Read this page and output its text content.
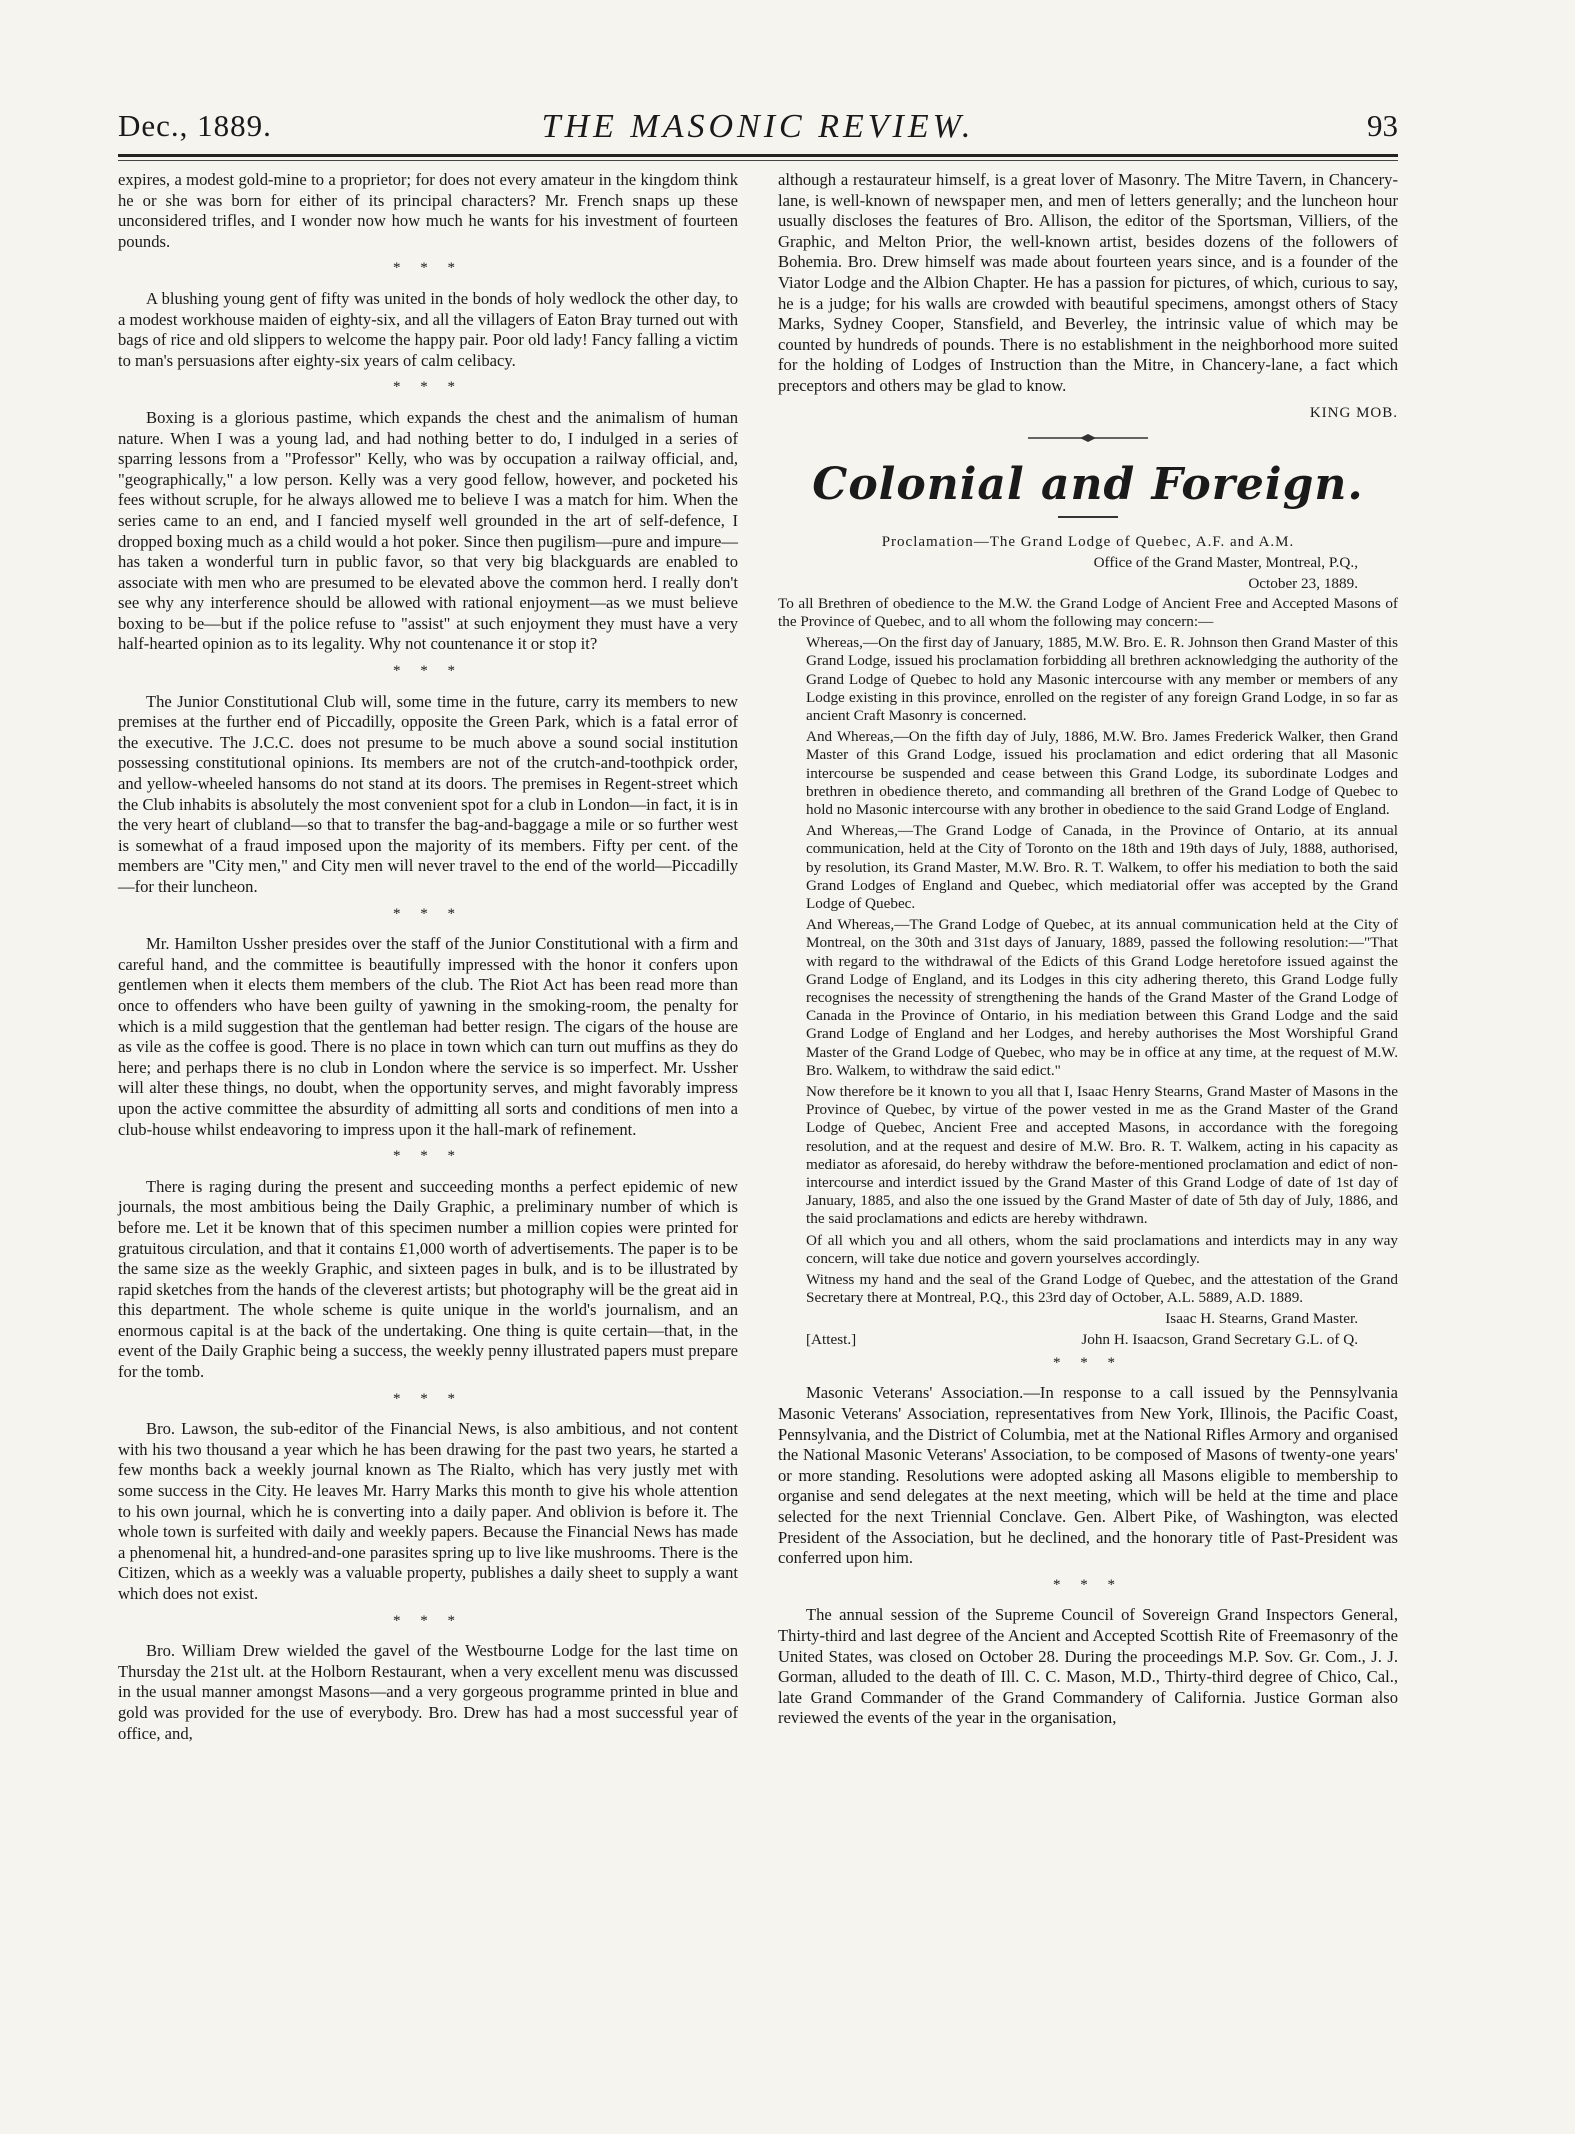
Dec., 1889.	THE MASONIC REVIEW.	93

expires, a modest gold-mine to a proprietor; for does not every amateur in the kingdom think he or she was born for either of its principal characters? Mr. French snaps up these unconsidered trifles, and I wonder now how much he wants for his investment of fourteen pounds.

* * *

A blushing young gent of fifty was united in the bonds of holy wedlock the other day, to a modest workhouse maiden of eighty-six, and all the villagers of Eaton Bray turned out with bags of rice and old slippers to welcome the happy pair. Poor old lady! Fancy falling a victim to man's persuasions after eighty-six years of calm celibacy.

* * *

Boxing is a glorious pastime, which expands the chest and the animalism of human nature. When I was a young lad, and had nothing better to do, I indulged in a series of sparring lessons from a "Professor" Kelly, who was by occupation a railway official, and, "geographically," a low person. Kelly was a very good fellow, however, and pocketed his fees without scruple, for he always allowed me to believe I was a match for him. When the series came to an end, and I fancied myself well grounded in the art of self-defence, I dropped boxing much as a child would a hot poker. Since then pugilism—pure and impure—has taken a wonderful turn in public favor, so that very big blackguards are enabled to associate with men who are presumed to be elevated above the common herd. I really don't see why any interference should be allowed with rational enjoyment—as we must believe boxing to be—but if the police refuse to "assist" at such enjoyment they must have a very half-hearted opinion as to its legality. Why not countenance it or stop it?

* * *

The Junior Constitutional Club will, some time in the future, carry its members to new premises at the further end of Piccadilly, opposite the Green Park, which is a fatal error of the executive. The J.C.C. does not presume to be much above a sound social institution possessing constitutional opinions. Its members are not of the crutch-and-toothpick order, and yellow-wheeled hansoms do not stand at its doors. The premises in Regent-street which the Club inhabits is absolutely the most convenient spot for a club in London—in fact, it is in the very heart of clubland—so that to transfer the bag-and-baggage a mile or so further west is somewhat of a fraud imposed upon the majority of its members. Fifty per cent. of the members are "City men," and City men will never travel to the end of the world—Piccadilly—for their luncheon.

* * *

Mr. Hamilton Ussher presides over the staff of the Junior Constitutional with a firm and careful hand, and the committee is beautifully impressed with the honor it confers upon gentlemen when it elects them members of the club. The Riot Act has been read more than once to offenders who have been guilty of yawning in the smoking-room, the penalty for which is a mild suggestion that the gentleman had better resign. The cigars of the house are as vile as the coffee is good. There is no place in town which can turn out muffins as they do here; and perhaps there is no club in London where the service is so imperfect. Mr. Ussher will alter these things, no doubt, when the opportunity serves, and might favorably impress upon the active committee the absurdity of admitting all sorts and conditions of men into a club-house whilst endeavoring to impress upon it the hall-mark of refinement.

* * *

There is raging during the present and succeeding months a perfect epidemic of new journals, the most ambitious being the Daily Graphic, a preliminary number of which is before me. Let it be known that of this specimen number a million copies were printed for gratuitous circulation, and that it contains £1,000 worth of advertisements. The paper is to be the same size as the weekly Graphic, and sixteen pages in bulk, and is to be illustrated by rapid sketches from the hands of the cleverest artists; but photography will be the great aid in this department. The whole scheme is quite unique in the world's journalism, and an enormous capital is at the back of the undertaking. One thing is quite certain—that, in the event of the Daily Graphic being a success, the weekly penny illustrated papers must prepare for the tomb.

* * *

Bro. Lawson, the sub-editor of the Financial News, is also ambitious, and not content with his two thousand a year which he has been drawing for the past two years, he started a few months back a weekly journal known as The Rialto, which has very justly met with some success in the City. He leaves Mr. Harry Marks this month to give his whole attention to his own journal, which he is converting into a daily paper. And oblivion is before it. The whole town is surfeited with daily and weekly papers. Because the Financial News has made a phenomenal hit, a hundred-and-one parasites spring up to live like mushrooms. There is the Citizen, which as a weekly was a valuable property, publishes a daily sheet to supply a want which does not exist.

* * *

Bro. William Drew wielded the gavel of the Westbourne Lodge for the last time on Thursday the 21st ult. at the Holborn Restaurant, when a very excellent menu was discussed in the usual manner amongst Masons—and a very gorgeous programme printed in blue and gold was provided for the use of everybody. Bro. Drew has had a most successful year of office, and,

although a restaurateur himself, is a great lover of Masonry. The Mitre Tavern, in Chancery-lane, is well-known of newspaper men, and men of letters generally; and the luncheon hour usually discloses the features of Bro. Allison, the editor of the Sportsman, Villiers, of the Graphic, and Melton Prior, the well-known artist, besides dozens of the followers of Bohemia. Bro. Drew himself was made about fourteen years since, and is a founder of the Viator Lodge and the Albion Chapter. He has a passion for pictures, of which, curious to say, he is a judge; for his walls are crowded with beautiful specimens, amongst others of Stacy Marks, Sydney Cooper, Stansfield, and Beverley, the intrinsic value of which may be counted by hundreds of pounds. There is no establishment in the neighborhood more suited for the holding of Lodges of Instruction than the Mitre, in Chancery-lane, a fact which preceptors and others may be glad to know.

KING MOB.
Colonial and Foreign.
Proclamation—The Grand Lodge of Quebec, A.F. and A.M.
Office of the Grand Master, Montreal, P.Q.,
October 23, 1889.

To all Brethren of obedience to the M.W. the Grand Lodge of Ancient Free and Accepted Masons of the Province of Quebec, and to all whom the following may concern:—

Whereas,—On the first day of January, 1885, M.W. Bro. E. R. Johnson then Grand Master of this Grand Lodge, issued his proclamation forbidding all brethren acknowledging the authority of the Grand Lodge of Quebec to hold any Masonic intercourse with any member or members of any Lodge existing in this province, enrolled on the register of any foreign Grand Lodge, in so far as ancient Craft Masonry is concerned.

And Whereas,—On the fifth day of July, 1886, M.W. Bro. James Frederick Walker, then Grand Master of this Grand Lodge, issued his proclamation and edict ordering that all Masonic intercourse be suspended and cease between this Grand Lodge, its subordinate Lodges and brethren in obedience thereto, and commanding all brethren of the Grand Lodge of Quebec to hold no Masonic intercourse with any brother in obedience to the said Grand Lodge of England.

And Whereas,—The Grand Lodge of Canada, in the Province of Ontario, at its annual communication, held at the City of Toronto on the 18th and 19th days of July, 1888, authorised, by resolution, its Grand Master, M.W. Bro. R. T. Walkem, to offer his mediation to both the said Grand Lodges of England and Quebec, which mediatorial offer was accepted by the Grand Lodge of Quebec.

And Whereas,—The Grand Lodge of Quebec, at its annual communication held at the City of Montreal, on the 30th and 31st days of January, 1889, passed the following resolution:—"That with regard to the withdrawal of the Edicts of this Grand Lodge heretofore issued against the Grand Lodge of England, and its Lodges in this city adhering thereto, this Grand Lodge fully recognises the necessity of strengthening the hands of the Grand Master of the Grand Lodge of Canada in the Province of Ontario, in his mediation between this Grand Lodge and the said Grand Lodge of England and her Lodges, and hereby authorises the Most Worshipful Grand Master of the Grand Lodge of Quebec, who may be in office at any time, at the request of M.W. Bro. Walkem, to withdraw the said edict."

Now therefore be it known to you all that I, Isaac Henry Stearns, Grand Master of Masons in the Province of Quebec, by virtue of the power vested in me as the Grand Master of the Grand Lodge of Quebec, Ancient Free and accepted Masons, in accordance with the foregoing resolution, and at the request and desire of M.W. Bro. R. T. Walkem, acting in his capacity as mediator as aforesaid, do hereby withdraw the before-mentioned proclamation and edict of non-intercourse and interdict issued by the Grand Master of this Grand Lodge of date of 1st day of January, 1885, and also the one issued by the Grand Master of date of 5th day of July, 1886, and the said proclamations and edicts are hereby withdrawn.

Of all which you and all others, whom the said proclamations and interdicts may in any way concern, will take due notice and govern yourselves accordingly.

Witness my hand and the seal of the Grand Lodge of Quebec, and the attestation of the Grand Secretary there at Montreal, P.Q., this 23rd day of October, A.L. 5889, A.D. 1889.

Isaac H. Stearns, Grand Master.
[Attest.]	John H. Isaacson, Grand Secretary G.L. of Q.
* * *

Masonic Veterans' Association.—In response to a call issued by the Pennsylvania Masonic Veterans' Association, representatives from New York, Illinois, the Pacific Coast, Pennsylvania, and the District of Columbia, met at the National Rifles Armory and organised the National Masonic Veterans' Association, to be composed of Masons of twenty-one years' or more standing. Resolutions were adopted asking all Masons eligible to membership to organise and send delegates at the next meeting, which will be held at the time and place selected for the next Triennial Conclave. Gen. Albert Pike, of Washington, was elected President of the Association, but he declined, and the honorary title of Past-President was conferred upon him.

* * *

The annual session of the Supreme Council of Sovereign Grand Inspectors General, Thirty-third and last degree of the Ancient and Accepted Scottish Rite of Freemasonry of the United States, was closed on October 28. During the proceedings M.P. Sov. Gr. Com., J. J. Gorman, alluded to the death of Ill. C. C. Mason, M.D., Thirty-third degree of Chico, Cal., late Grand Commander of the Grand Commandery of California. Justice Gorman also reviewed the events of the year in the organisation,
